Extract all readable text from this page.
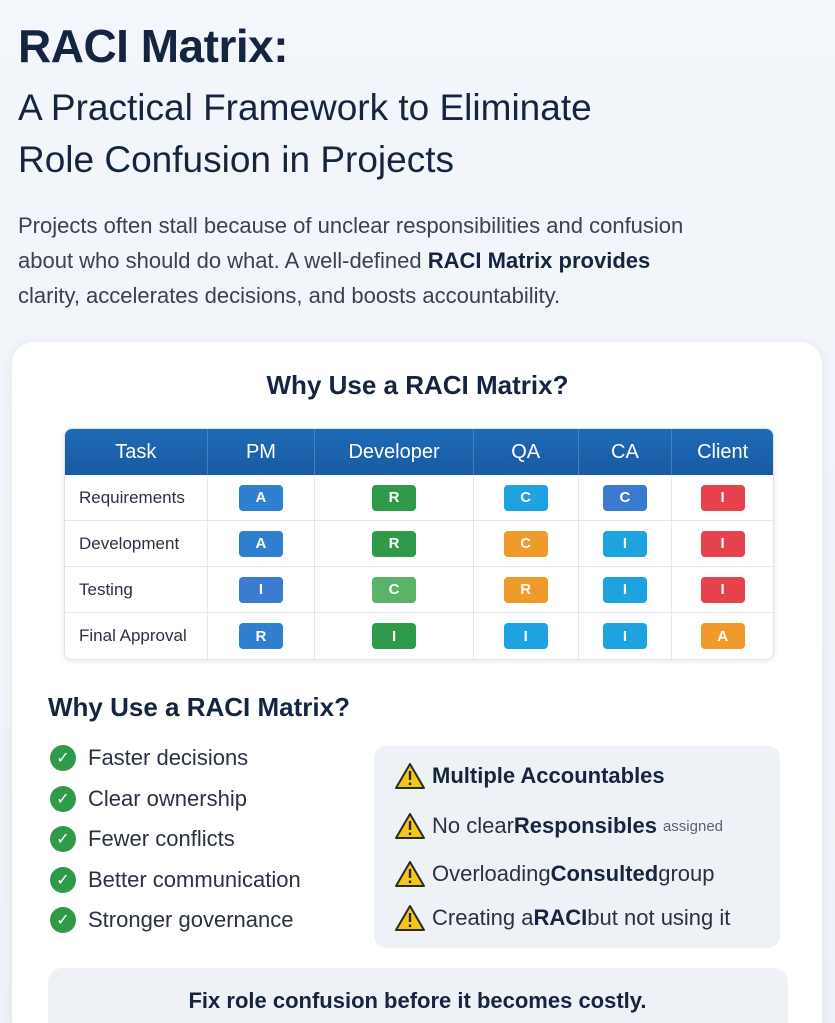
RACI Matrix:
A Practical Framework to Eliminate
Role Confusion in Projects
Projects often stall because of unclear responsibilities and confusion
about who should do what. A well-defined RACI Matrix provides
clarity, accelerates decisions, and boosts accountability.
Why Use a RACI Matrix?
Task	PM	Developer	QA	CA	Client
Requirements	A	R	C	C	I
Development	A	R	C	I	I
Testing	I	C	R	I	I
Final Approval	R	I	I	I	A
Why Use a RACI Matrix?
✓ Faster decisions
✓ Clear ownership
✓ Fewer conflicts
✓ Better communication
✓ Stronger governance
Multiple Accountables
No clear Responsibles assigned
Overloading Consulted group
Creating a RACI but not using it
Fix role confusion before it becomes costly.
